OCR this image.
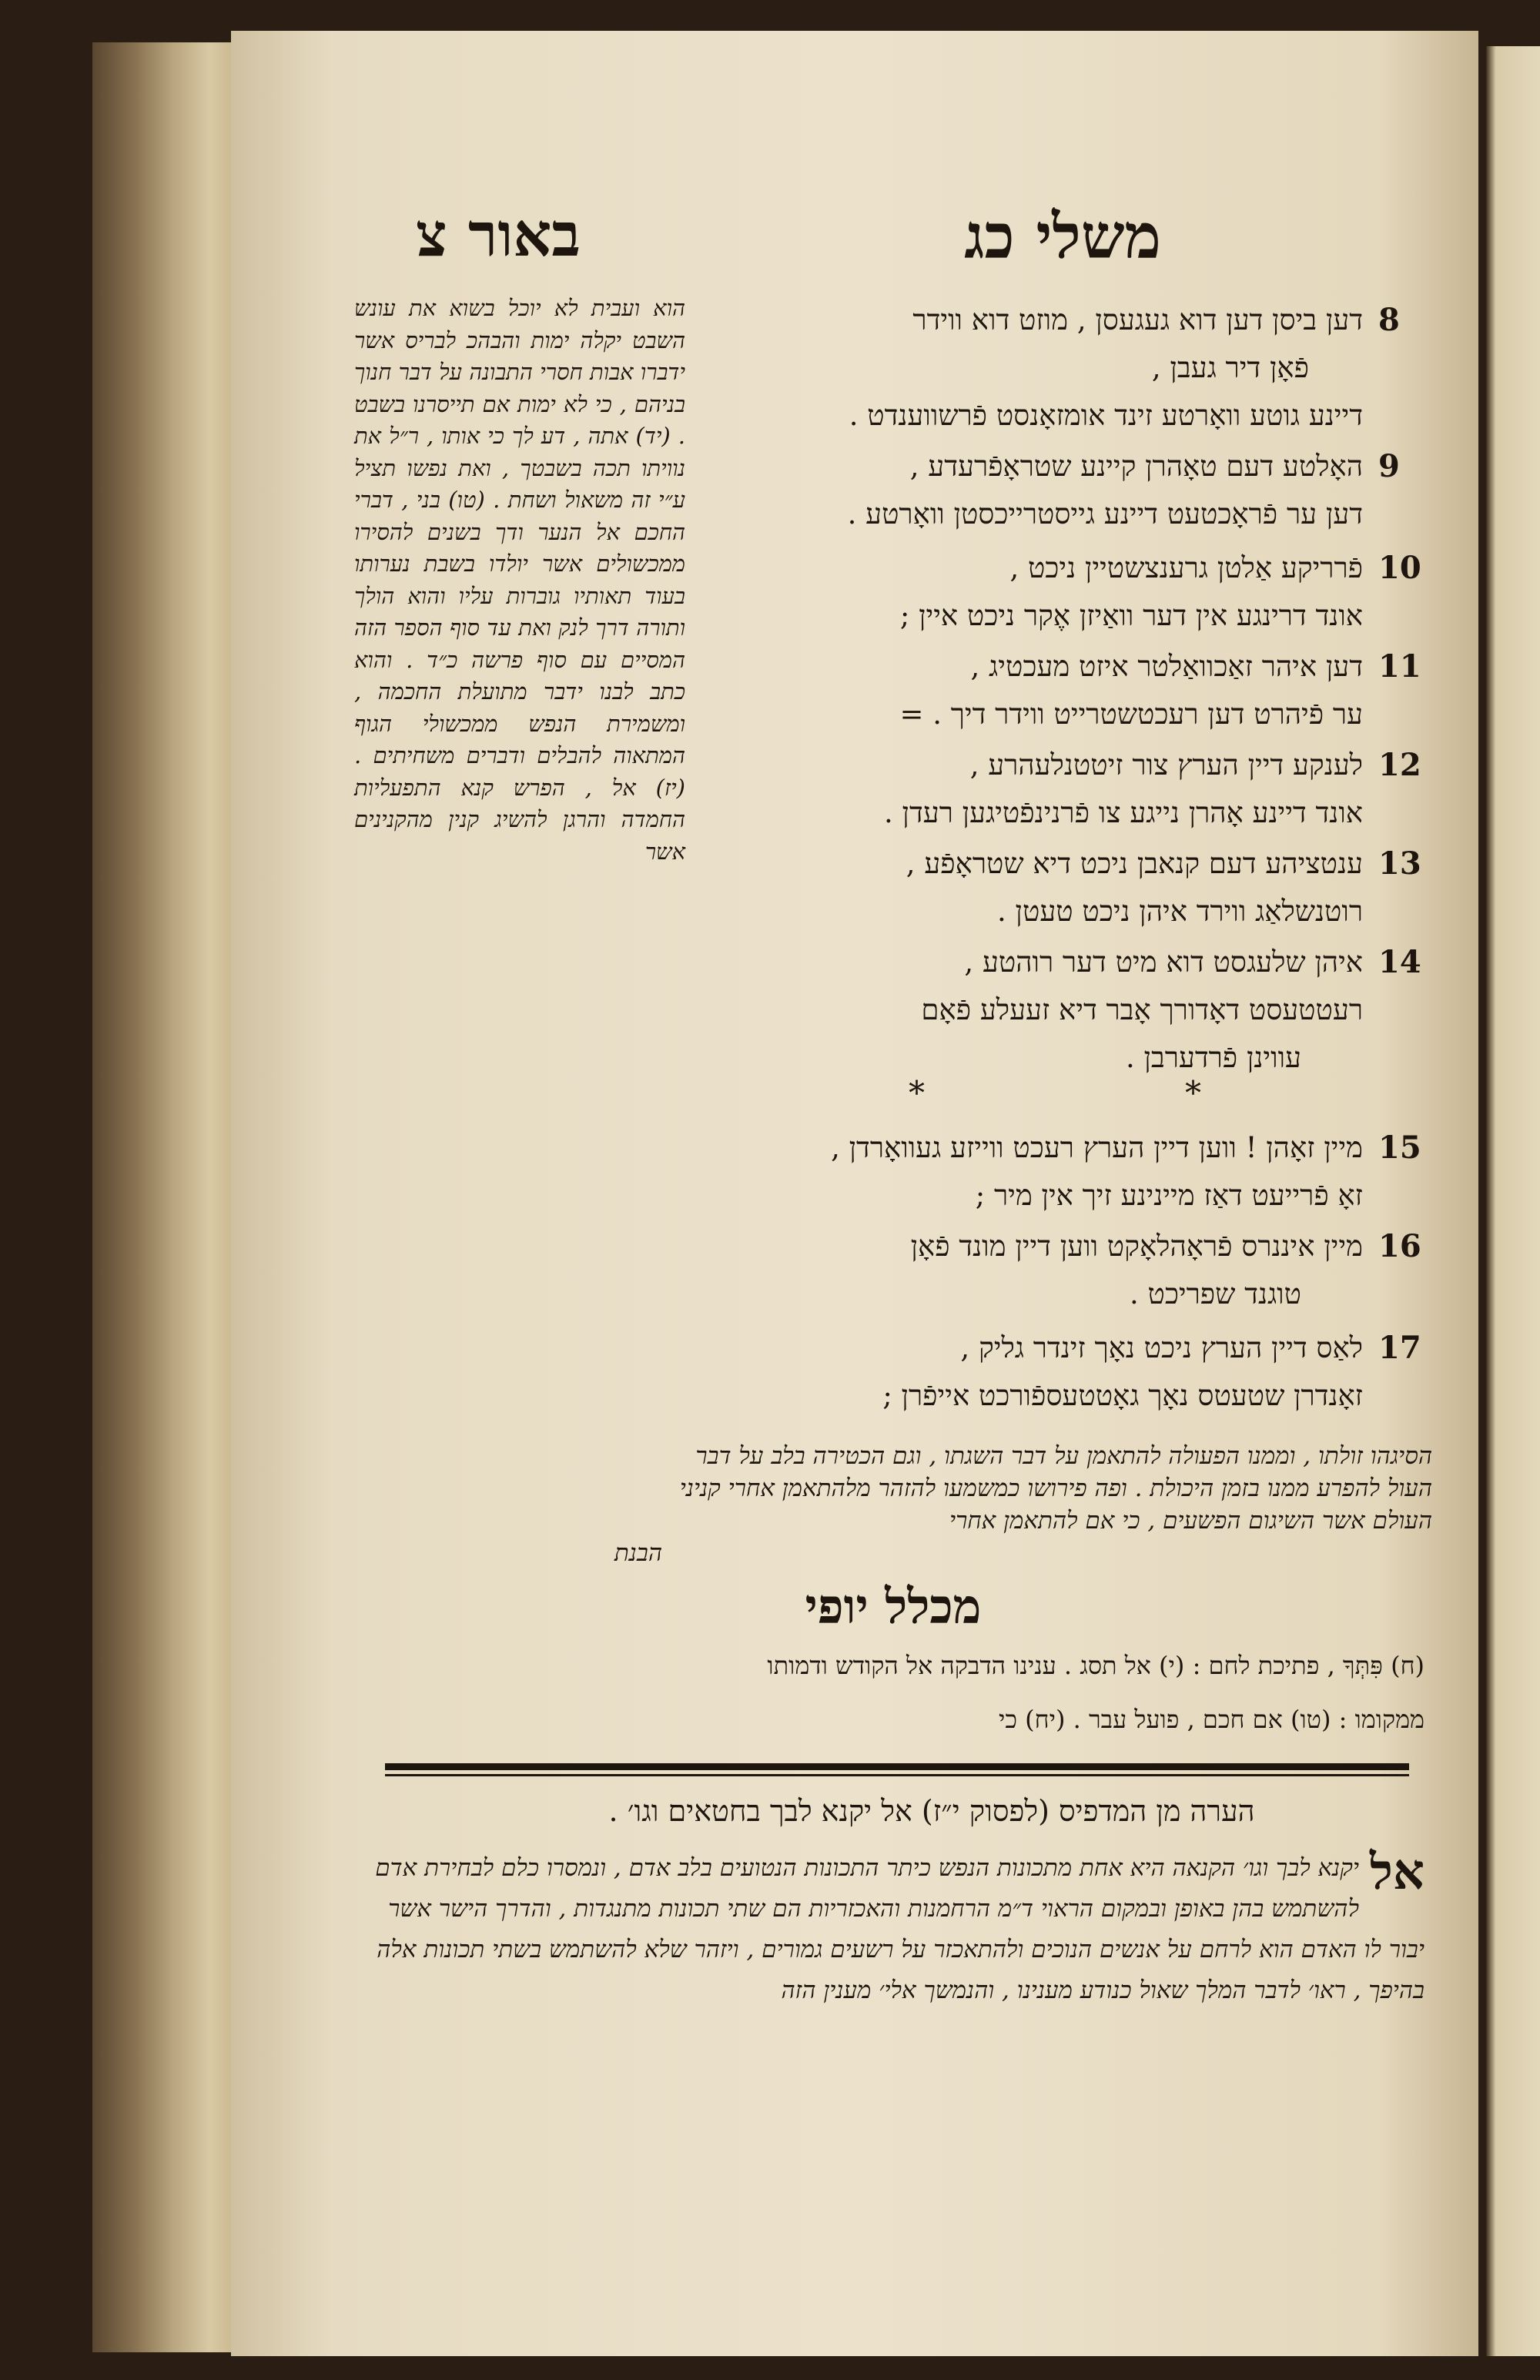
באור צ	משלי כג
הוא ועבית לא יוכל בשוא את עונש השבט יקלה ימות והבהכ לבריס אשר ידברו אבות חסרי התבונה על דבר חנוך בניהם , כי לא ימות אם תייסרנו בשבט . (יד) אתה , דע לך כי אותו , ר״ל את נוויתו תכה בשבטך , ואת נפשו תציל ע״י זה משאול ושחת . (טו) בני , דברי החכם אל הנער ודך בשנים להסירו ממכשולים אשר יולדו בשבת נערותו בעוד תאותיו גוברות עליו והוא הולך ותורה דרך לנק ואת עד סוף הספר הזה המסיים עם סוף פרשה כ״ד . והוא כתב לבנו ידבר מתועלת החכמה , ומשמירת הנפש ממכשולי הגוף המתאוה להבלים ודברים משחיתים . (יז) אל , הפרש קנא התפעליות החמדה והרגן להשיג קנין מהקנינים אשר
8
דען ביסן דען דוא געגעסן , מוזט דוא ווידר
פֿאָן דיר געבן ,
דיינע גוטע וואָרטע זינד אומזאָנסט פֿרשווענדט .
9
האָלטע דעם טאָהרן קיינע שטראָפֿרעדע ,
דען ער פֿראָכטעט דיינע גייסטרייכסטן וואָרטע .
10
פֿרריקע אַלטן גרענצשטיין ניכט ,
אונד דרינגע אין דער וואַיזן אֶקר ניכט איין ;
11
דען איהר זאַכוואַלטר איזט מעכטיג ,
ער פֿיהרט דען רעכטשטרייט ווידר דיך . =
12
לענקע דיין הערץ צור זיטטנלעהרע ,
אונד דיינע אָהרן נייגע צו פֿרנינפֿטיגען רעדן .
13
ענטציהע דעם קנאבן ניכט דיא שטראָפֿע ,
רוטנשלאַג ווירד איהן ניכט טעטן .
14
איהן שלעגסט דוא מיט דער רוהטע ,
רעטטעסט דאָדורך אָבר דיא זעעלע פֿאָם
עווינן פֿרדערבן .
15
מיין זאָהן ! ווען דיין הערץ רעכט ווייזע געוואָרדן ,
זאָ פֿרייעט דאַז מיינינע זיך אין מיר ;
16
מיין איננרס פֿראָהלאָקט ווען דיין מונד פֿאָן
טוגנד שפריכט .
17
לאַס דיין הערץ ניכט נאָך זינדר גליק ,
זאָנדרן שטעטס נאָך גאָטטעספֿורכט אייפֿרן ;
*	*
הסיגהו זולתו , וממנו הפעולה להתאמן על דבר השגתו , וגם הכטירה בלב על דבר
העול להפרע ממנו בזמן היכולת . ופה פירושו כמשמעו להזהר מלהתאמן אחרי קניני
העולם אשר השיגום הפשעים , כי אם להתאמן אחרי
הבנת
מכלל יופי
(ח) פִּתְּךָ , פתיכת לחם : (י) אל תסג . ענינו הדבקה אל הקודש ודמותו
ממקומו : (טו) אם חכם , פועל עבר . (יח) כי
הערה מן המדפיס (לפסוק י״ז) אל יקנא לבך בחטאים וגו׳ .
אל
יקנא לבך וגו׳ הקנאה היא אחת מתכונות הנפש כיתר התכונות הנטועים בלב אדם , ונמסרו כלם לבחירת אדם להשתמש בהן באופן ובמקום הראוי ד״מ הרחמנות והאכזריות הם שתי תכונות מתנגדות , והדרך הישר אשר יבור לו האדם הוא לרחם על אנשים הנוכים ולהתאכזר על רשעים גמורים , ויזהר שלא להשתמש בשתי תכונות אלה בהיפך , ראו׳ לדבר המלך שאול כנודע מענינו , והנמשך אלי׳ מענין הזה
